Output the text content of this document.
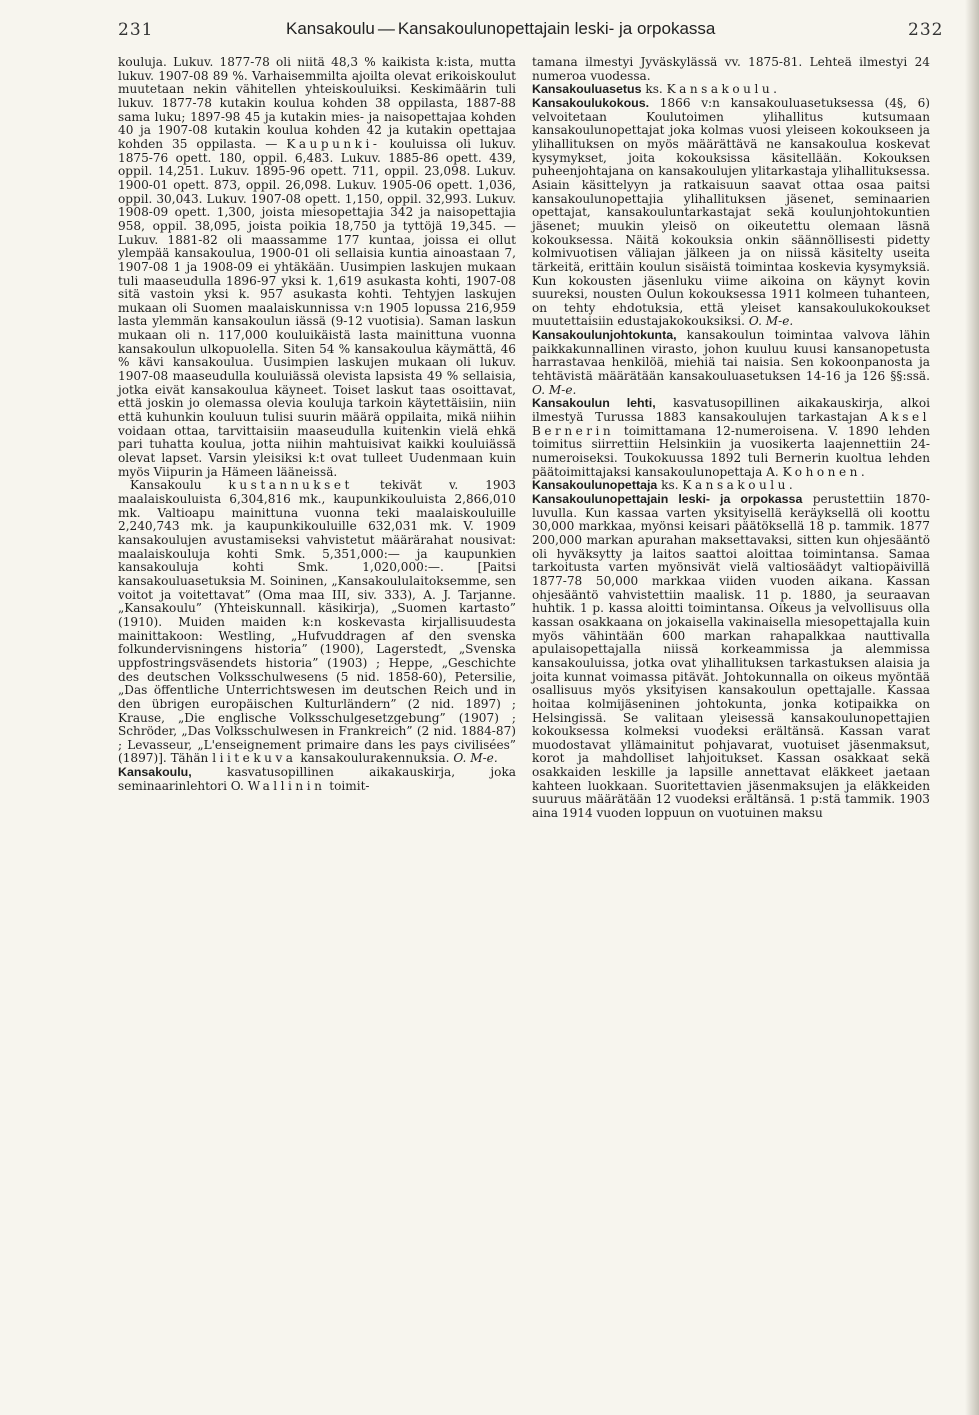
231	Kansakoulu — Kansakoulunopettajain leski- ja orpokassa	232

kouluja. Lukuv. 1877-78 oli niitä 48,3 % kaikista k:ista, mutta lukuv. 1907-08 89 %. Varhaisemmilta ajoilta olevat erikoiskoulut muutetaan nekin vähitellen yhteiskouluiksi. Keskimäärin tuli lukuv. 1877-78 kutakin koulua kohden 38 oppilasta, 1887-88 sama luku; 1897-98 45 ja kutakin mies- ja naisopettajaa kohden 40 ja 1907-08 kutakin koulua kohden 42 ja kutakin opettajaa kohden 35 oppilasta. — Kaupunki- kouluissa oli lukuv. 1875-76 opett. 180, oppil. 6,483. Lukuv. 1885-86 opett. 439, oppil. 14,251. Lukuv. 1895-96 opett. 711, oppil. 23,098. Lukuv. 1900-01 opett. 873, oppil. 26,098. Lukuv. 1905-06 opett. 1,036, oppil. 30,043. Lukuv. 1907-08 opett. 1,150, oppil. 32,993. Lukuv. 1908-09 opett. 1,300, joista miesopettajia 342 ja naisopettajia 958, oppil. 38,095, joista poikia 18,750 ja tyttöjä 19,345. — Lukuv. 1881-82 oli maassamme 177 kuntaa, joissa ei ollut ylempää kansakoulua, 1900-01 oli sellaisia kuntia ainoastaan 7, 1907-08 1 ja 1908-09 ei yhtäkään. Uusimpien laskujen mukaan tuli maaseudulla 1896-97 yksi k. 1,619 asukasta kohti, 1907-08 sitä vastoin yksi k. 957 asukasta kohti. Tehtyjen laskujen mukaan oli Suomen maalaiskunnissa v:n 1905 lopussa 216,959 lasta ylemmän kansakoulun iässä (9-12 vuotisia). Saman laskun mukaan oli n. 117,000 kouluikäistä lasta mainittuna vuonna kansakoulun ulkopuolella. Siten 54 % kansakoulua käymättä, 46 % kävi kansakoulua. Uusimpien laskujen mukaan oli lukuv. 1907-08 maaseudulla kouluiässä olevista lapsista 49 % sellaisia, jotka eivät kansakoulua käyneet. Toiset laskut taas osoittavat, että joskin jo olemassa olevia kouluja tarkoin käytettäisiin, niin että kuhunkin kouluun tulisi suurin määrä oppilaita, mikä niihin voidaan ottaa, tarvittaisiin maaseudulla kuitenkin vielä ehkä pari tuhatta koulua, jotta niihin mahtuisivat kaikki kouluiässä olevat lapset. Varsin yleisiksi k:t ovat tulleet Uudenmaan kuin myös Viipurin ja Hämeen lääneissä.

Kansakoulu kustannukset tekivät v. 1903 maalaiskouluista 6,304,816 mk., kaupunkikouluista 2,866,010 mk. Valtioapu mainittuna vuonna teki maalaiskouluille 2,240,743 mk. ja kaupunkikouluille 632,031 mk. V. 1909 kansakoulujen avustamiseksi vahvistetut määrärahat nousivat: maalaiskouluja kohti Smk. 5,351,000:— ja kaupunkien kansakouluja kohti Smk. 1,020,000:—. [Paitsi kansakouluasetuksia M. Soininen, „Kansakoululaitoksemme, sen voitot ja voitettavat” (Oma maa III, siv. 333), A. J. Tarjanne. „Kansakoulu” (Yhteiskunnall. käsikirja), „Suomen kartasto” (1910). Muiden maiden k:n koskevasta kirjallisuudesta mainittakoon: Westling, „Hufvuddragen af den svenska folkundervisningens historia” (1900), Lagerstedt, „Svenska uppfostringsväsendets historia” (1903) ; Heppe, „Geschichte des deutschen Volksschulwesens (5 nid. 1858-60), Petersilie, „Das öffentliche Unterrichtswesen im deutschen Reich und in den übrigen europäischen Kulturländern” (2 nid. 1897) ; Krause, „Die englische Volksschulgesetzgebung” (1907) ; Schröder, „Das Volksschulwesen in Frankreich” (2 nid. 1884-87) ; Levasseur, „L'enseignement primaire dans les pays civilisées” (1897)]. Tähän liitekuva kansakoulurakennuksia. O. M-e.

Kansakoulu,	kasvatusopillinen aikakauskirja, joka seminaarinlehtori O. Wallinin toimit-

tamana ilmestyi Jyväskylässä vv. 1875-81. Lehteä ilmestyi 24 numeroa vuodessa.

Kansakouluasetus ks. Kansakoulu.

Kansakoulukokous. 1866 v:n kansakouluasetuksessa (4§, 6) velvoitetaan Koulutoimen ylihallitus kutsumaan kansakoulunopettajat joka kolmas vuosi yleiseen kokoukseen ja ylihallituksen on myös määrättävä ne kansakoulua koskevat kysymykset, joita kokouksissa käsitellään. Kokouksen puheenjohtajana on kansakoulujen ylitarkastaja ylihallituksessa. Asiain käsittelyyn ja ratkaisuun saavat ottaa osaa paitsi kansakoulunopettajia ylihallituksen jäsenet, seminaarien opettajat, kansakouluntarkastajat sekä koulunjohtokuntien jäsenet; muukin yleisö on oikeutettu olemaan läsnä kokouksessa. Näitä kokouksia onkin säännöllisesti pidetty kolmivuotisen väliajan jälkeen ja on niissä käsitelty useita tärkeitä, erittäin koulun sisäistä toimintaa koskevia kysymyksiä. Kun kokousten jäsenluku viime aikoina on käynyt kovin suureksi, nousten Oulun kokouksessa 1911 kolmeen tuhanteen, on tehty ehdotuksia, että yleiset kansakoulukokoukset muutettaisiin edustajakokouksiksi. O. M-e.

Kansakoulunjohtokunta, kansakoulun toimintaa valvova lähin paikkakunnallinen virasto, johon kuuluu kuusi kansanopetusta harrastavaa henkilöä, miehiä tai naisia. Sen kokoonpanosta ja tehtävistä määrätään kansakouluasetuksen 14-16 ja 126 §§:ssä. O. M-e.

Kansakoulun lehti, kasvatusopillinen aikakauskirja, alkoi ilmestyä Turussa 1883 kansakoulujen tarkastajan Aksel Bernerin toimittamana 12-numeroisena. V. 1890 lehden toimitus siirrettiin Helsinkiin ja vuosikerta laajennettiin 24-numeroiseksi. Toukokuussa 1892 tuli Bernerin kuoltua lehden päätoimittajaksi kansakoulunopettaja A. Kohonen.

Kansakoulunopettaja ks. Kansakoulu.

Kansakoulunopettajain leski- ja orpokassa perustettiin 1870-luvulla. Kun kassaa varten yksityisellä keräyksellä oli koottu 30,000 markkaa, myönsi keisari päätöksellä 18 p. tammik. 1877 200,000 markan apurahan maksettavaksi, sitten kun ohjesääntö oli hyväksytty ja laitos saattoi aloittaa toimintansa. Samaa tarkoitusta varten myönsivät vielä valtiosäädyt valtiopäivillä 1877-78 50,000 markkaa viiden vuoden aikana. Kassan ohjesääntö vahvistettiin maalisk. 11 p. 1880, ja seuraavan huhtik. 1 p. kassa aloitti toimintansa. Oikeus ja velvollisuus olla kassan osakkaana on jokaisella vakinaisella miesopettajalla kuin myös vähintään 600 markan rahapalkkaa nauttivalla apulaisopettajalla niissä korkeammissa ja alemmissa kansakouluissa, jotka ovat ylihallituksen tarkastuksen alaisia ja joita kunnat voimassa pitävät. Johtokunnalla on oikeus myöntää osallisuus myös yksityisen kansakoulun opettajalle. Kassaa hoitaa kolmijäseninen johtokunta, jonka kotipaikka on Helsingissä. Se valitaan yleisessä kansakoulunopettajien kokouksessa kolmeksi vuodeksi erältänsä. Kassan varat muodostavat yllämainitut pohjavarat, vuotuiset jäsenmaksut, korot ja mahdolliset lahjoitukset. Kassan osakkaat sekä osakkaiden leskille ja lapsille annettavat eläkkeet jaetaan kahteen luokkaan. Suoritettavien jäsenmaksujen ja eläkkeiden suuruus määrätään 12 vuodeksi erältänsä. 1 p:stä tammik. 1903 aina 1914 vuoden loppuun on vuotuinen maksu
